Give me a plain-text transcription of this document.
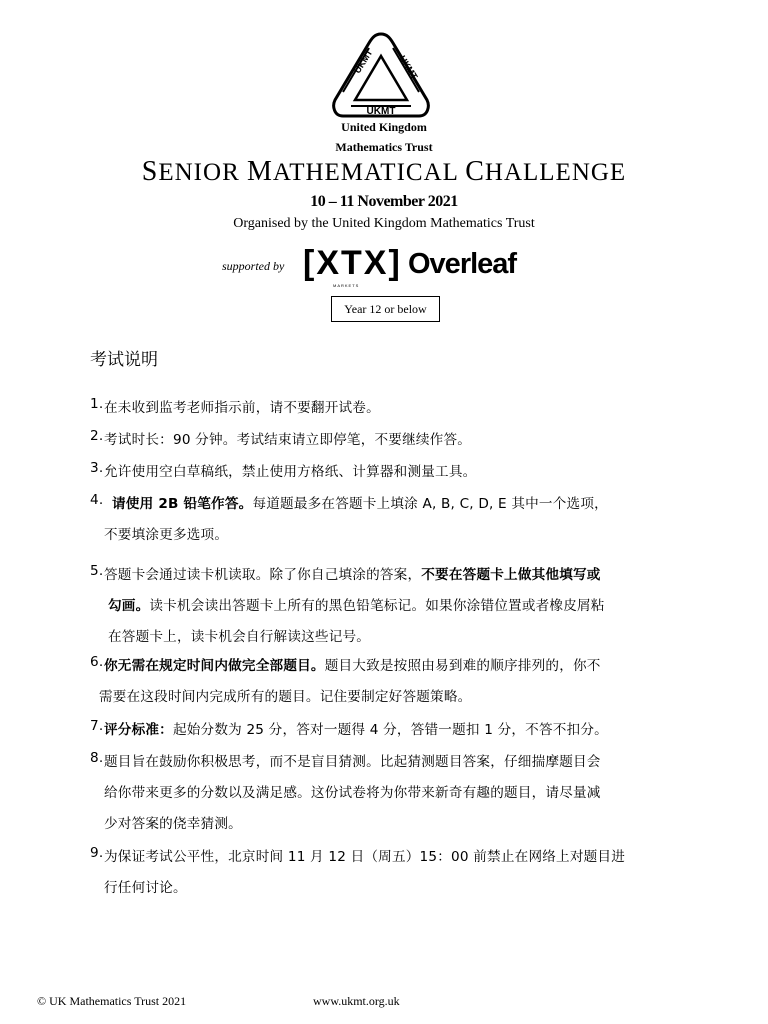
UKMT	UKMT
UKMT
United Kingdom
Mathematics Trust
SENIOR MATHEMATICAL CHALLENGE
10 – 11 November 2021
Organised by the United Kingdom Mathematics Trust
supported by [XTX]
MARKETS
Overleaf
Year 12 or below
考试说明
1. 在未收到监考老师指示前，请不要翻开试卷。
2. 考试时长：90 分钟。考试结束请立即停笔，不要继续作答。
3. 允许使用空白草稿纸，禁止使用方格纸、计算器和测量工具。
4. 请使用 2B 铅笔作答。每道题最多在答题卡上填涂 A, B, C, D, E 其中一个选项，
不要填涂更多选项。
5. 答题卡会通过读卡机读取。除了你自己填涂的答案，不要在答题卡上做其他填写或
勾画。读卡机会读出答题卡上所有的黑色铅笔标记。如果你涂错位置或者橡皮屑粘
在答题卡上，读卡机会自行解读这些记号。
6. 你无需在规定时间内做完全部题目。题目大致是按照由易到难的顺序排列的，你不
需要在这段时间内完成所有的题目。记住要制定好答题策略。
7. 评分标准：起始分数为 25 分，答对一题得 4 分，答错一题扣 1 分，不答不扣分。
8. 题目旨在鼓励你积极思考，而不是盲目猜测。比起猜测题目答案，仔细揣摩题目会
给你带来更多的分数以及满足感。这份试卷将为你带来新奇有趣的题目，请尽量减
少对答案的侥幸猜测。
9. 为保证考试公平性，北京时间 11 月 12 日（周五）15：00 前禁止在网络上对题目进
行任何讨论。
© UK Mathematics Trust 2021	www.ukmt.org.uk
